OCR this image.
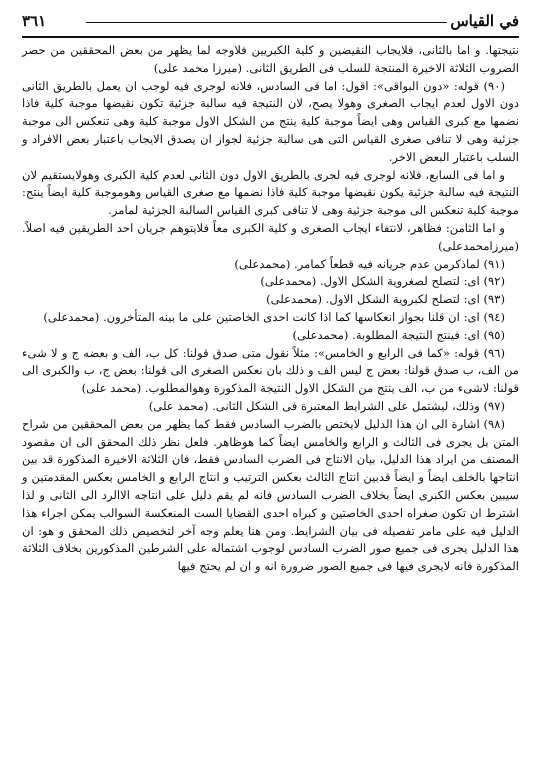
في القياس
٣٦١

نتيجتها. و اما بالثانى، فلايجاب النقيضين و كلية الكبريين فلاوجه لما يظهر من بعض المحققين من حصر الضروب الثلاثة الاخيرة المنتجة للسلب فى الطريق الثانى. (ميرزا محمد على)

(٩٠) قوله: «دون البواقى»: اقول: اما فى السادس، فلانه لوجرى فيه لوجب ان يعمل بالطريق الثانى دون الاول لعدم ايجاب الصغرى وهولا يصح، لان النتيجة فيه سالبة جزئية تكون نقيضها موجبة كلية فاذا نضمها مع كبرى القياس وهى ايضاً موجبة كلية ينتج من الشكل الاول موجبة كلية وهى تنعكس الى موجبة جزئية وهى لا تنافى صغرى القياس التى هى سالبة جزئية لجواز ان يصدق الايجاب باعتبار بعض الافراد و السلب باعتبار البعض الاخر.

و اما فى السابع، فلانه لوجرى فيه لجرى بالطريق الاول دون الثانى لعدم كلية الكبرى وهولايستقيم لان النتيجة فيه سالبة جزئية يكون نقيضها موجبة كلية فاذا نضمها مع صغرى القياس وهوموجبة كلية ايضاً ينتج: موجبة كلية تنعكس الى موجبة جزئية وهى لا تنافى كبرى القياس السالبة الجزئية لمامر.

و اما الثامن: فظاهر، لانتفاء ايجاب الصغرى و كلية الكبرى معاً فلايتوهم جريان احد الطريقين فيه اصلاً. (ميرزامحمدعلى)

(٩١) لماذكرمن عدم جريانه فيه قطعاً كمامر. (محمدعلى)

(٩٢) اى: لتصلح لصغروية الشكل الاول. (محمدعلى)

(٩٣) اى: لتصلح لكبروية الشكل الاول. (محمدعلى)

(٩٤) اى: ان قلنا بجواز انعكاسها كما اذا كانت احدى الخاصتين على ما بينه المتأخرون. (محمدعلى)

(٩٥) اى: فينتج النتيجة المطلوبة. (محمدعلى)

(٩٦) قوله: «كما فى الرابع و الخامس»: مثلاً نقول متى صدق قولنا: كل ب، الف و بعضه ج و لا شىء من الف، ب صدق قولنا: بعض ج ليس الف و ذلك بان نعكس الصغرى الى قولنا: بعض ج، ب والكبرى الى قولنا: لاشىء من ب، الف ينتج من الشكل الاول النتيجة المذكورة وهوالمطلوب. (محمد على)

(٩٧) وذلك، ليشتمل على الشرايط المعتبرة فى الشكل الثانى. (محمد على)

(٩٨) اشارة الى ان هذا الدليل لايختص بالضرب السادس فقط كما يظهر من بعض المحققين من شراح المتن بل يجرى فى الثالث و الرابع والخامس ايضاً كما هوظاهر. فلعل نظر ذلك المحقق الى ان مقصود المصنف من ايراد هذا الدليل، بيان الانتاج فى الضرب السادس فقط، فان الثلاثة الاخيرة المذكورة قد بين انتاجها بالخلف ايضاً و ايضاً قدبين انتاج الثالث بعكس الترتيب و انتاج الرابع و الخامس بعكس المقدمتين و سيبين بعكس الكبرى ايضاً بخلاف الضرب السادس فانه لم يقم دليل على انتاجه الاالرد الى الثانى و لذا اشترط ان تكون صغراه احدى الخاصتين و كبراه احدى القضايا الست المنعكسة السوالب يمكن اجراء هذا الدليل فيه على مامر تفصيله فى بيان الشرايط. ومن هنا يعلم وجه آخر لتخصيص ذلك المحقق و هو: ان هذا الدليل يجرى فى جميع صور الضرب السادس لوجوب اشتماله على الشرطين المذكورين بخلاف الثلاثة المذكورة فانه لايجرى فيها فى جميع الصور ضرورة انه و ان لم يحتج فيها
